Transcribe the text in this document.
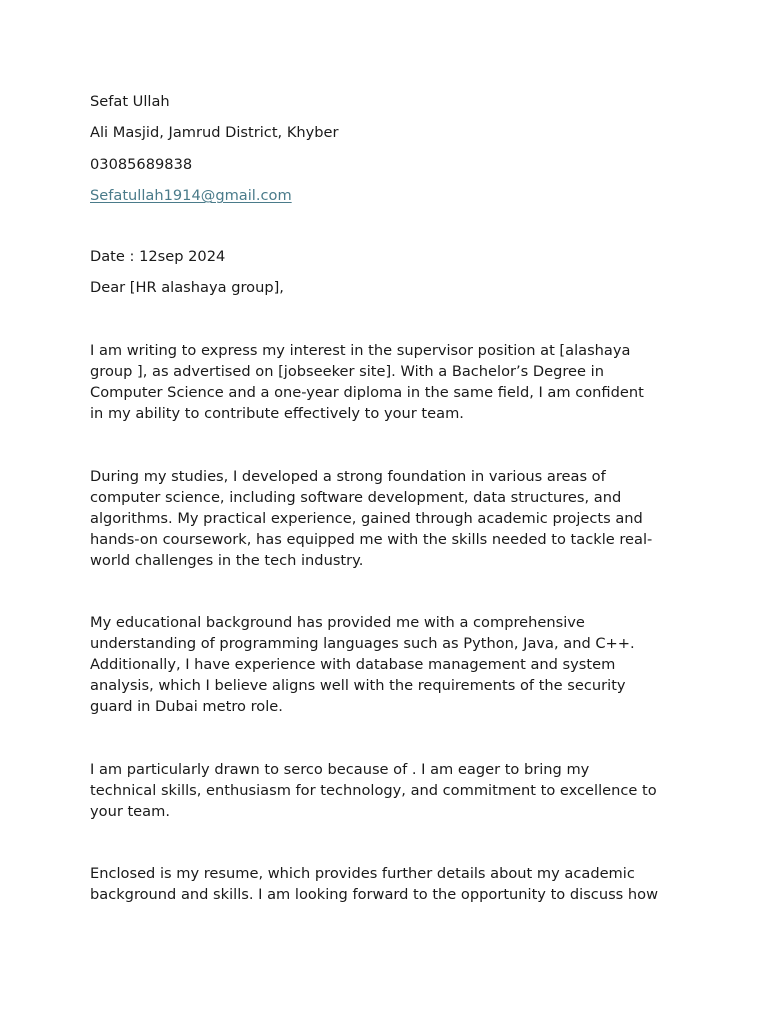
Sefat Ullah

Ali Masjid, Jamrud District, Khyber

03085689838

Sefatullah1914@gmail.com

Date : 12sep 2024

Dear [HR alashaya group],

I am writing to express my interest in the supervisor position at [alashaya
group ], as advertised on [jobseeker site]. With a Bachelor’s Degree in
Computer Science and a one-year diploma in the same field, I am confident
in my ability to contribute effectively to your team.
During my studies, I developed a strong foundation in various areas of
computer science, including software development, data structures, and
algorithms. My practical experience, gained through academic projects and
hands-on coursework, has equipped me with the skills needed to tackle real-
world challenges in the tech industry.
My educational background has provided me with a comprehensive
understanding of programming languages such as Python, Java, and C++.
Additionally, I have experience with database management and system
analysis, which I believe aligns well with the requirements of the security
guard in Dubai metro role.
I am particularly drawn to serco because of . I am eager to bring my
technical skills, enthusiasm for technology, and commitment to excellence to
your team.
Enclosed is my resume, which provides further details about my academic
background and skills. I am looking forward to the opportunity to discuss how
